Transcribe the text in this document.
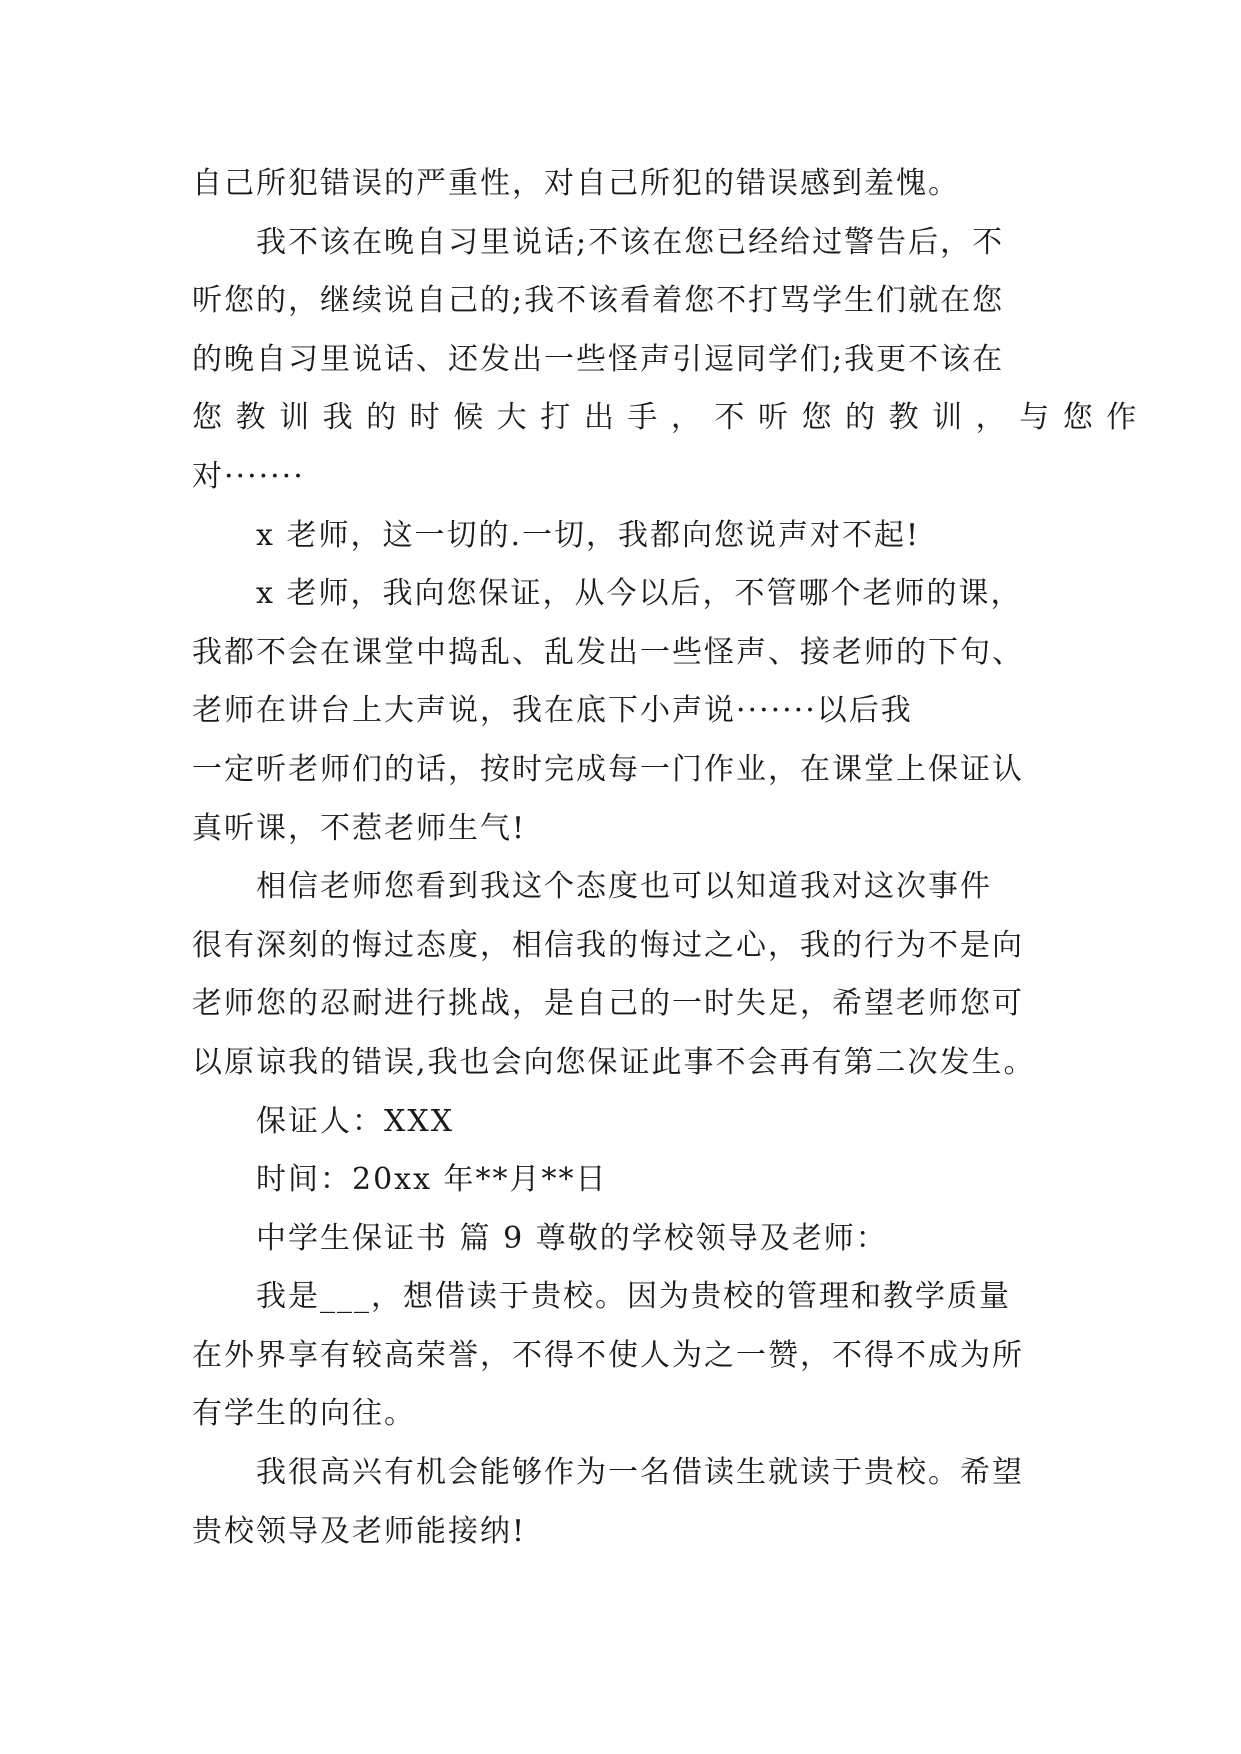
自己所犯错误的严重性，对自己所犯的错误感到羞愧。
我不该在晚自习里说话;不该在您已经给过警告后，不
听您的，继续说自己的;我不该看着您不打骂学生们就在您
的晚自习里说话、还发出一些怪声引逗同学们;我更不该在
您 教 训 我 的 时 候 大 打 出 手 ， 不 听 您 的 教 训 ， 与 您 作
对·······
x 老师，这一切的.一切，我都向您说声对不起!
x 老师，我向您保证，从今以后，不管哪个老师的课，
我都不会在课堂中捣乱、乱发出一些怪声、接老师的下句、
老师在讲台上大声说，我在底下小声说·······以后我
一定听老师们的话，按时完成每一门作业，在课堂上保证认
真听课，不惹老师生气!
相信老师您看到我这个态度也可以知道我对这次事件
很有深刻的悔过态度，相信我的悔过之心，我的行为不是向
老师您的忍耐进行挑战，是自己的一时失足，希望老师您可
以原谅我的错误,我也会向您保证此事不会再有第二次发生。
保证人：XXX
时间：20xx 年**月**日
中学生保证书 篇 9 尊敬的学校领导及老师：
我是___，想借读于贵校。因为贵校的管理和教学质量
在外界享有较高荣誉，不得不使人为之一赞，不得不成为所
有学生的向往。
我很高兴有机会能够作为一名借读生就读于贵校。希望
贵校领导及老师能接纳!
